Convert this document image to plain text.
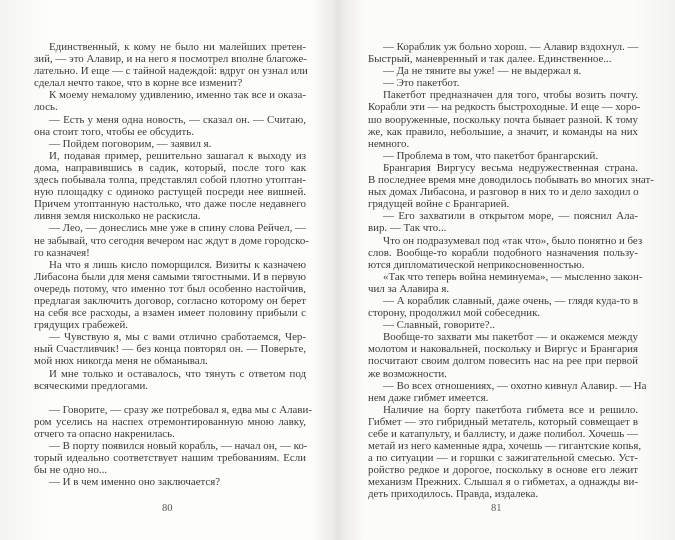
Единственный, к кому не было ни малейших претен-
зий, — это Алавир, и на него я посмотрел вполне благоже-
лательно. И еще — с тайной надеждой: вдруг он узнал или
сделал нечто такое, что в корне все изменит?
К моему немалому удивлению, именно так все и оказа-
лось.
— Есть у меня одна новость, — сказал он. — Считаю,
она стоит того, чтобы ее обсудить.
— Пойдем поговорим, — заявил я.
И, подавая пример, решительно зашагал к выходу из
дома, направившись в садик, который, после того как
здесь побывала толпа, представлял собой плотно утоптан-
ную площадку с одиноко растущей посреди нее вишней.
Причем утоптанную настолько, что даже после недавнего
ливня земля нисколько не раскисла.
— Лео, — донеслись мне уже в спину слова Рейчел, —
не забывай, что сегодня вечером нас ждут в доме городско-
го казначея!
На что я лишь кисло поморщился. Визиты к казначею
Либасона были для меня самыми тягостными. И в первую
очередь потому, что именно тот был особенно настойчив,
предлагая заключить договор, согласно которому он берет
на себя все расходы, а взамен имеет половину прибыли с
грядущих грабежей.
— Чувствую я, мы с вами отлично сработаемся, Чер-
ный Счастливчик! — без конца повторял он. — Поверьте,
мой нюх никогда меня не обманывал.
И мне только и оставалось, что тянуть с ответом под
всяческими предлогами.
— Говорите, — сразу же потребовал я, едва мы с Алави-
ром уселись на наспех отремонтированную мною лавку,
отчего та опасно накренилась.
— В порту появился новый корабль, — начал он, — ко-
торый идеально соответствует нашим требованиям. Если
бы не одно но...
— И в чем именно оно заключается?
— Кораблик уж больно хорош. — Алавир вздохнул. —
Быстрый, маневренный и так далее. Единственное...
— Да не тяните вы уже! — не выдержал я.
— Это пакетбот.
Пакетбот предназначен для того, чтобы возить почту.
Корабли эти — на редкость быстроходные. И еще — хоро-
шо вооруженные, поскольку почта бывает разной. К тому
же, как правило, небольшие, а значит, и команды на них
немного.
— Проблема в том, что пакетбот брангарский.
Брангария Виргусу весьма недружественная страна.
В последнее время мне доводилось побывать во многих знат-
ных домах Либасона, и разговор в них то и дело заходил о
грядущей войне с Брангарией.
— Его захватили в открытом море, — пояснил Ала-
вир. — Так что...
Что он подразумевал под «так что», было понятно и без
слов. Вообще-то корабли подобного назначения пользу-
ются дипломатической неприкосновенностью.
«Так что теперь война неминуема», — мысленно закон-
чил за Алавира я.
— А кораблик славный, даже очень, — глядя куда-то в
сторону, продолжил мой собеседник.
— Славный, говорите?..
Вообще-то захвати мы пакетбот — и окажемся между
молотом и наковальней, поскольку и Виргус и Брангария
посчитают своим долгом повесить нас на рее при первой
же возможности.
— Во всех отношениях, — охотно кивнул Алавир. — На
нем даже гибмет имеется.
Наличие на борту пакетбота гибмета все и решило.
Гибмет — это гибридный метатель, который совмещает в
себе и катапульту, и баллисту, и даже полибол. Хочешь —
метай из него каменные ядра, хочешь — гигантские копья,
а по ситуации — и горшки с зажигательной смесью. Уст-
ройство редкое и дорогое, поскольку в основе его лежит
механизм Прежних. Слышал я о гибметах, а однажды ви-
деть приходилось. Правда, издалека.
80	81
